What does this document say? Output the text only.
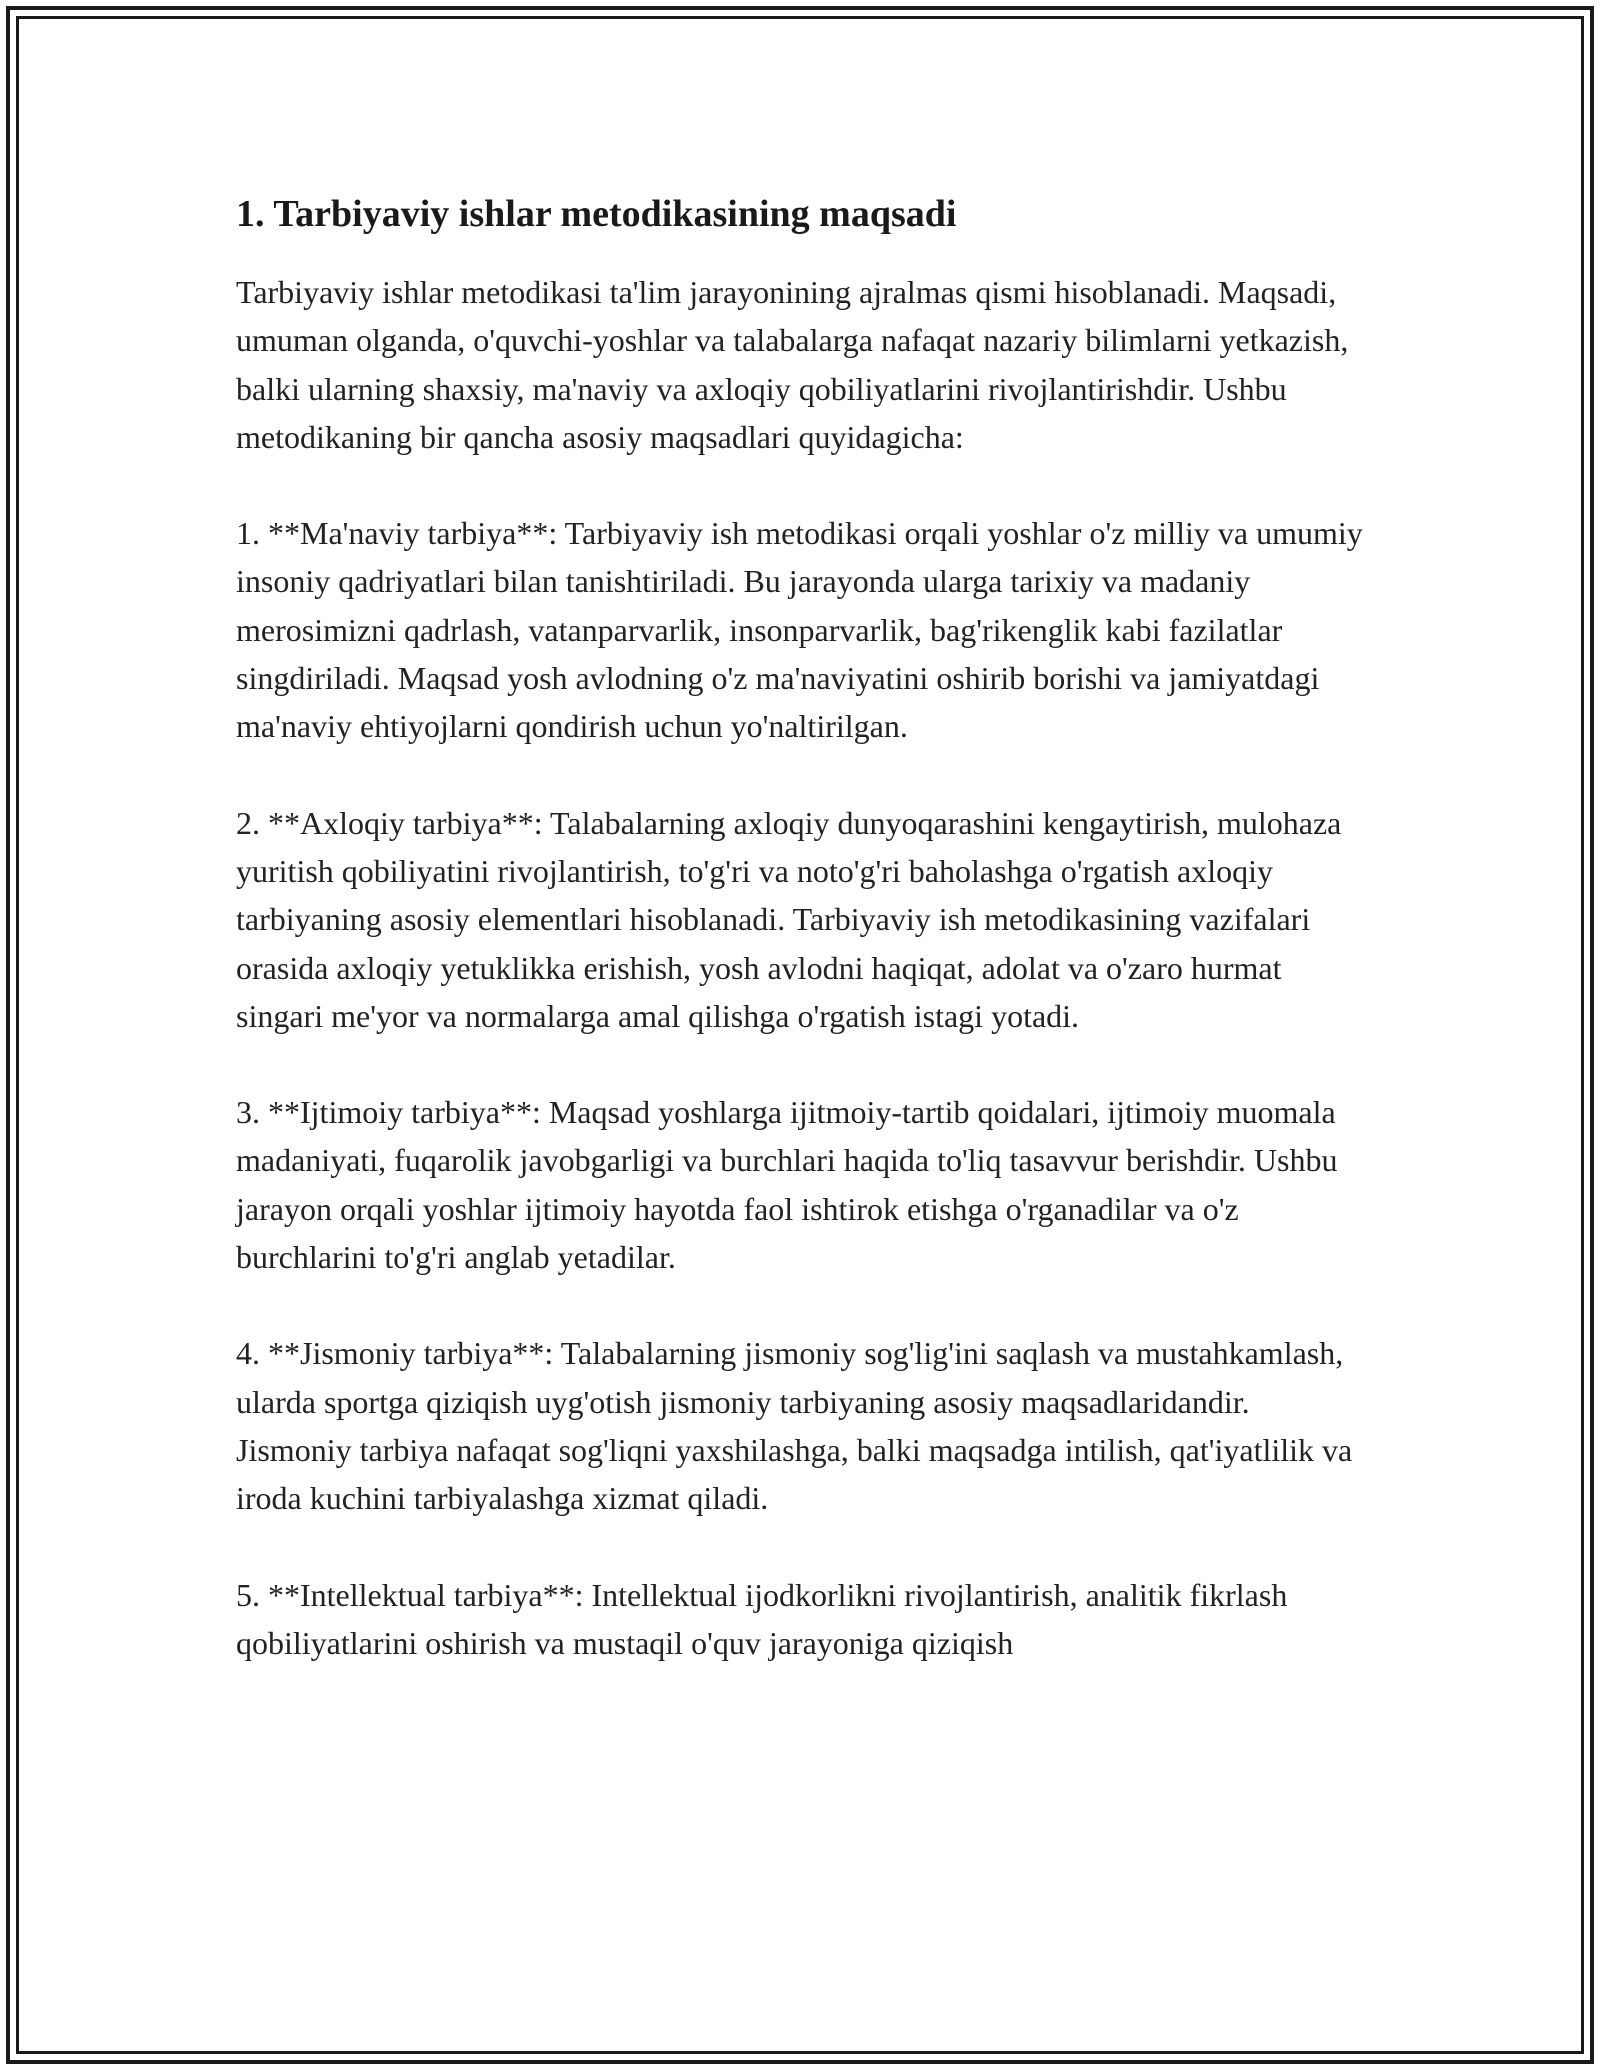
1. Tarbiyaviy ishlar metodikasining maqsadi

Tarbiyaviy ishlar metodikasi ta'lim jarayonining ajralmas qismi hisoblanadi. Maqsadi, umuman olganda, o'quvchi-yoshlar va talabalarga nafaqat nazariy bilimlarni yetkazish, balki ularning shaxsiy, ma'naviy va axloqiy qobiliyatlarini rivojlantirishdir. Ushbu metodikaning bir qancha asosiy maqsadlari quyidagicha:

1. **Ma'naviy tarbiya**: Tarbiyaviy ish metodikasi orqali yoshlar o'z milliy va umumiy insoniy qadriyatlari bilan tanishtiriladi. Bu jarayonda ularga tarixiy va madaniy merosimizni qadrlash, vatanparvarlik, insonparvarlik, bag'rikenglik kabi fazilatlar singdiriladi. Maqsad yosh avlodning o'z ma'naviyatini oshirib borishi va jamiyatdagi ma'naviy ehtiyojlarni qondirish uchun yo'naltirilgan.

2. **Axloqiy tarbiya**: Talabalarning axloqiy dunyoqarashini kengaytirish, mulohaza yuritish qobiliyatini rivojlantirish, to'g'ri va noto'g'ri baholashga o'rgatish axloqiy tarbiyaning asosiy elementlari hisoblanadi. Tarbiyaviy ish metodikasining vazifalari orasida axloqiy yetuklikka erishish, yosh avlodni haqiqat, adolat va o'zaro hurmat singari me'yor va normalarga amal qilishga o'rgatish istagi yotadi.

3. **Ijtimoiy tarbiya**: Maqsad yoshlarga ijitmoiy-tartib qoidalari, ijtimoiy muomala madaniyati, fuqarolik javobgarligi va burchlari haqida to'liq tasavvur berishdir. Ushbu jarayon orqali yoshlar ijtimoiy hayotda faol ishtirok etishga o'rganadilar va o'z burchlarini to'g'ri anglab yetadilar.

4. **Jismoniy tarbiya**: Talabalarning jismoniy sog'lig'ini saqlash va mustahkamlash, ularda sportga qiziqish uyg'otish jismoniy tarbiyaning asosiy maqsadlaridandir. Jismoniy tarbiya nafaqat sog'liqni yaxshilashga, balki maqsadga intilish, qat'iyatlilik va iroda kuchini tarbiyalashga xizmat qiladi.

5. **Intellektual tarbiya**: Intellektual ijodkorlikni rivojlantirish, analitik fikrlash qobiliyatlarini oshirish va mustaqil o'quv jarayoniga qiziqish
